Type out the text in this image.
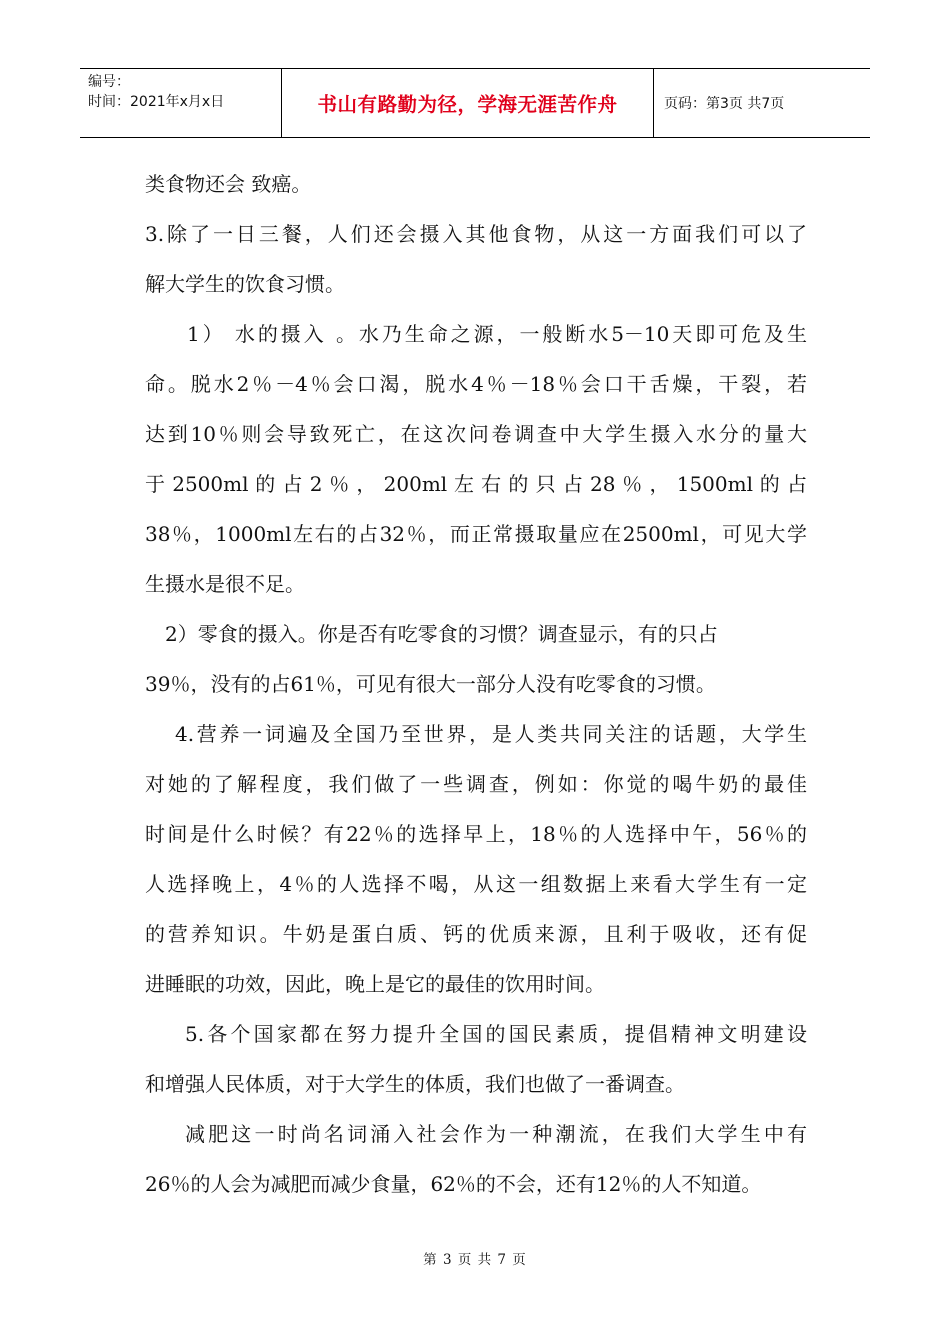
编号：
时间：2021年x月x日	书山有路勤为径，学海无涯苦作舟	页码：第3页 共7页
类食物还会 致癌。
3.除了一日三餐，人们还会摄入其他食物，从这一方面我们可以了
解大学生的饮食习惯。
1） 水的摄入 。水乃生命之源，一般断水5－10天即可危及生
命。脱水2％－4％会口渴，脱水4％－18％会口干舌燥，干裂，若
达到10％则会导致死亡，在这次问卷调查中大学生摄入水分的量大
于 2500ml 的 占 2 ％ ， 200ml 左 右 的 只 占 28 ％ ， 1500ml 的 占
38％，1000ml左右的占32％，而正常摄取量应在2500ml，可见大学
生摄水是很不足。
2）零食的摄入。你是否有吃零食的习惯？调查显示，有的只占
39％，没有的占61％，可见有很大一部分人没有吃零食的习惯。
4.营养一词遍及全国乃至世界，是人类共同关注的话题，大学生
对她的了解程度，我们做了一些调查，例如：你觉的喝牛奶的最佳
时间是什么时候？有22％的选择早上，18％的人选择中午，56％的
人选择晚上，4％的人选择不喝，从这一组数据上来看大学生有一定
的营养知识。牛奶是蛋白质、钙的优质来源，且利于吸收，还有促
进睡眠的功效，因此，晚上是它的最佳的饮用时间。
5.各个国家都在努力提升全国的国民素质，提倡精神文明建设
和增强人民体质，对于大学生的体质，我们也做了一番调查。
减肥这一时尚名词涌入社会作为一种潮流，在我们大学生中有
26％的人会为减肥而减少食量，62％的不会，还有12％的人不知道。
第 3 页 共 7 页
